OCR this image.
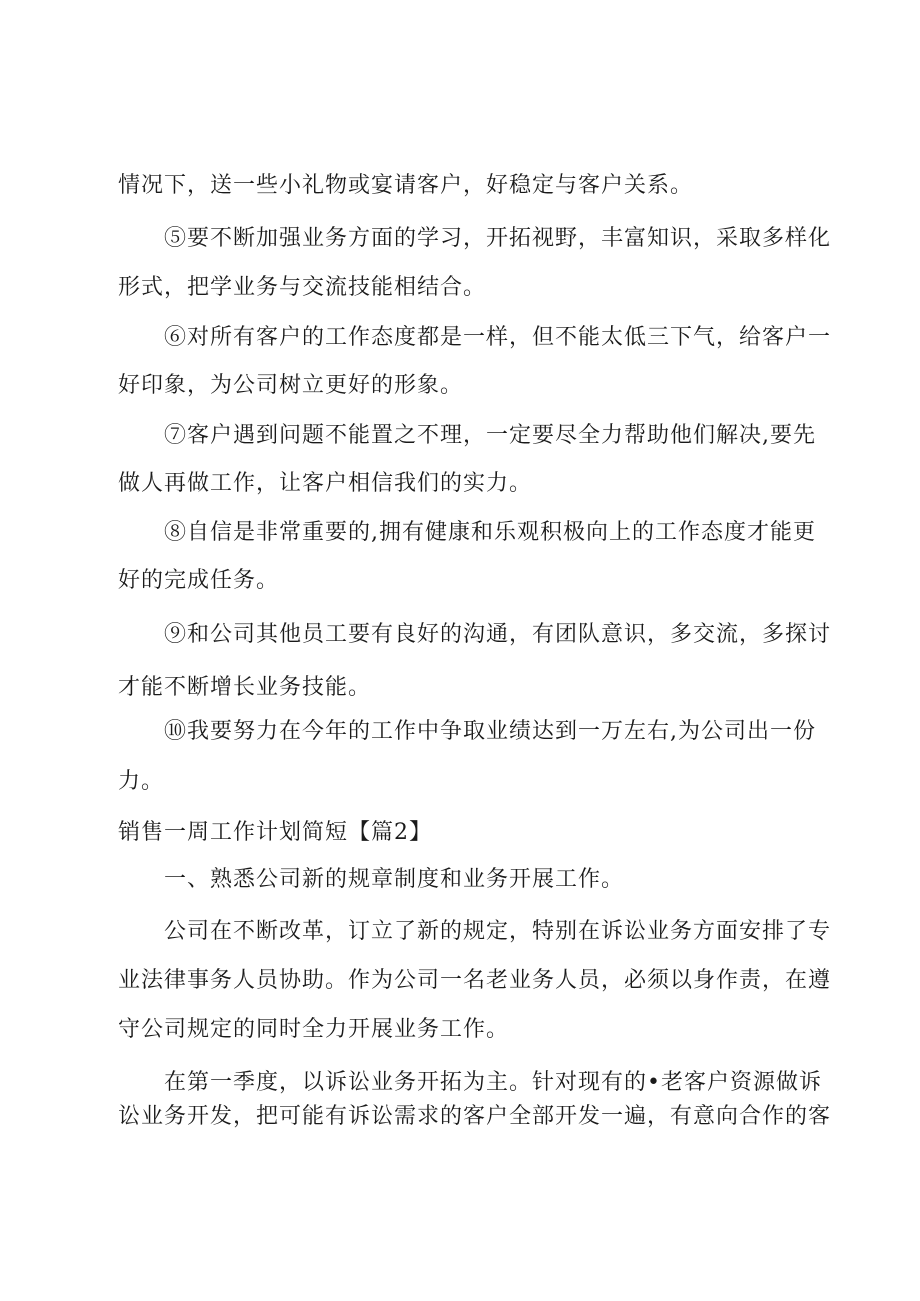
情况下，送一些小礼物或宴请客户，好稳定与客户关系。
⑤要不断加强业务方面的学习，开拓视野，丰富知识，采取多样化
形式，把学业务与交流技能相结合。
⑥对所有客户的工作态度都是一样，但不能太低三下气，给客户一
好印象，为公司树立更好的形象。
⑦客户遇到问题不能置之不理，一定要尽全力帮助他们解决,要先
做人再做工作，让客户相信我们的实力。
⑧自信是非常重要的,拥有健康和乐观积极向上的工作态度才能更
好的完成任务。
⑨和公司其他员工要有良好的沟通，有团队意识，多交流，多探讨
才能不断增长业务技能。
⑩我要努力在今年的工作中争取业绩达到一万左右,为公司出一份
力。
销售一周工作计划简短【篇2】
一、熟悉公司新的规章制度和业务开展工作。
公司在不断改革，订立了新的规定，特别在诉讼业务方面安排了专
业法律事务人员协助。作为公司一名老业务人员，必须以身作责，在遵
守公司规定的同时全力开展业务工作。
在第一季度，以诉讼业务开拓为主。针对现有的•老客户资源做诉
讼业务开发，把可能有诉讼需求的客户全部开发一遍，有意向合作的客
